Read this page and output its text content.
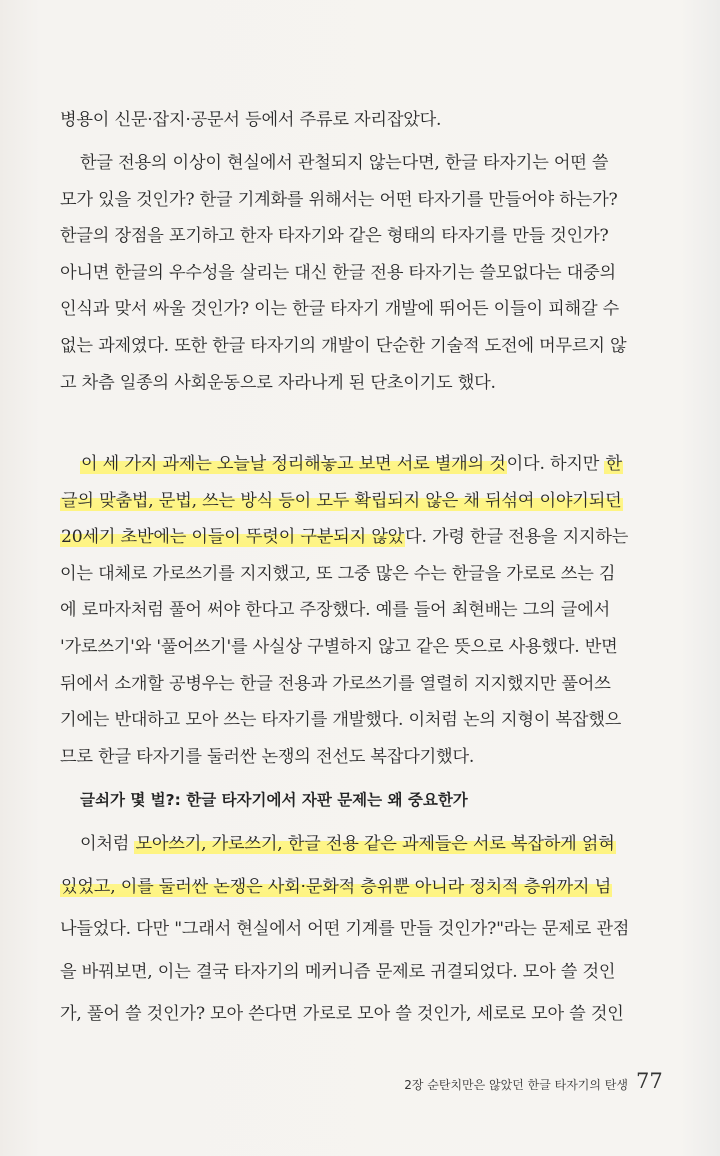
병용이 신문·잡지·공문서 등에서 주류로 자리잡았다.
한글 전용의 이상이 현실에서 관철되지 않는다면, 한글 타자기는 어떤 쓸
모가 있을 것인가? 한글 기계화를 위해서는 어떤 타자기를 만들어야 하는가?
한글의 장점을 포기하고 한자 타자기와 같은 형태의 타자기를 만들 것인가?
아니면 한글의 우수성을 살리는 대신 한글 전용 타자기는 쓸모없다는 대중의
인식과 맞서 싸울 것인가? 이는 한글 타자기 개발에 뛰어든 이들이 피해갈 수
없는 과제였다. 또한 한글 타자기의 개발이 단순한 기술적 도전에 머무르지 않
고 차츰 일종의 사회운동으로 자라나게 된 단초이기도 했다.
이 세 가지 과제는 오늘날 정리해놓고 보면 서로 별개의 것이다. 하지만 한
글의 맞춤법, 문법, 쓰는 방식 등이 모두 확립되지 않은 채 뒤섞여 이야기되던
20세기 초반에는 이들이 뚜렷이 구분되지 않았다. 가령 한글 전용을 지지하는
이는 대체로 가로쓰기를 지지했고, 또 그중 많은 수는 한글을 가로로 쓰는 김
에 로마자처럼 풀어 써야 한다고 주장했다. 예를 들어 최현배는 그의 글에서
'가로쓰기'와 '풀어쓰기'를 사실상 구별하지 않고 같은 뜻으로 사용했다. 반면
뒤에서 소개할 공병우는 한글 전용과 가로쓰기를 열렬히 지지했지만 풀어쓰
기에는 반대하고 모아 쓰는 타자기를 개발했다. 이처럼 논의 지형이 복잡했으
므로 한글 타자기를 둘러싼 논쟁의 전선도 복잡다기했다.
글쇠가 몇 벌?: 한글 타자기에서 자판 문제는 왜 중요한가
이처럼 모아쓰기, 가로쓰기, 한글 전용 같은 과제들은 서로 복잡하게 얽혀
있었고, 이를 둘러싼 논쟁은 사회·문화적 층위뿐 아니라 정치적 층위까지 넘
나들었다. 다만 "그래서 현실에서 어떤 기계를 만들 것인가?"라는 문제로 관점
을 바꿔보면, 이는 결국 타자기의 메커니즘 문제로 귀결되었다. 모아 쓸 것인
가, 풀어 쓸 것인가? 모아 쓴다면 가로로 모아 쓸 것인가, 세로로 모아 쓸 것인
2장 순탄치만은 않았던 한글 타자기의 탄생 77
